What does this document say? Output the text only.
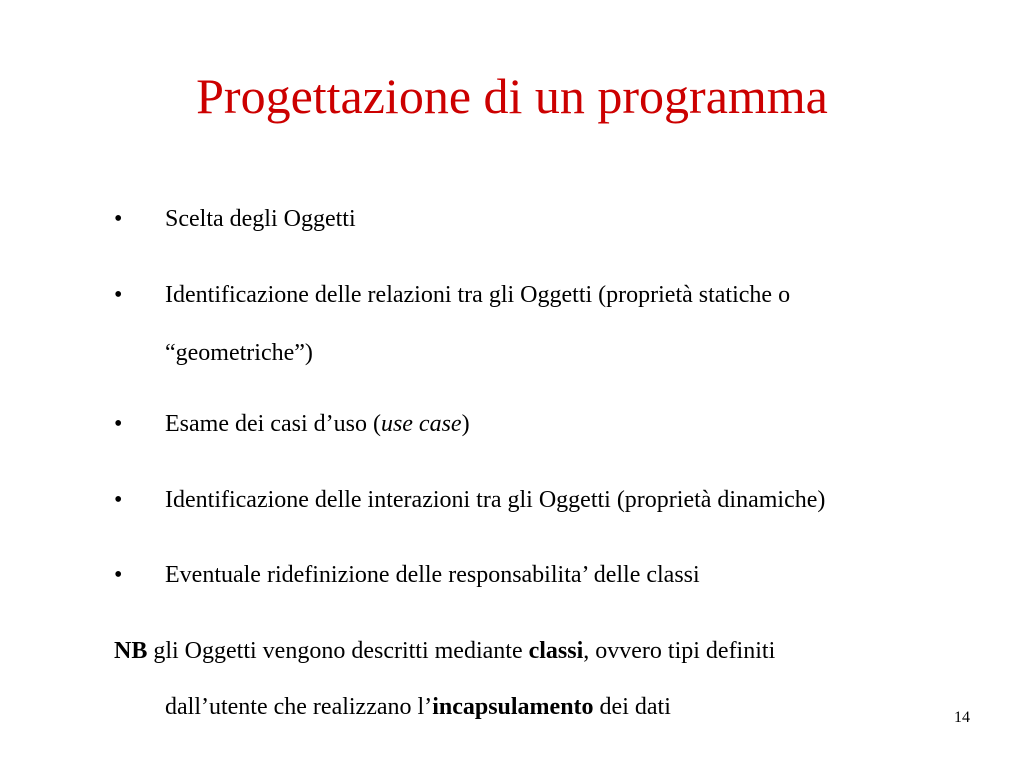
Progettazione di un programma
•	Scelta degli Oggetti
•	Identificazione delle relazioni tra gli Oggetti (proprietà statiche o
“geometriche”)
•	Esame dei casi d’uso (use case)
•	Identificazione delle interazioni tra gli Oggetti (proprietà dinamiche)
•	Eventuale ridefinizione delle responsabilita’ delle classi
NB gli Oggetti vengono descritti mediante classi, ovvero tipi definiti
dall’utente che realizzano l’incapsulamento dei dati	14
